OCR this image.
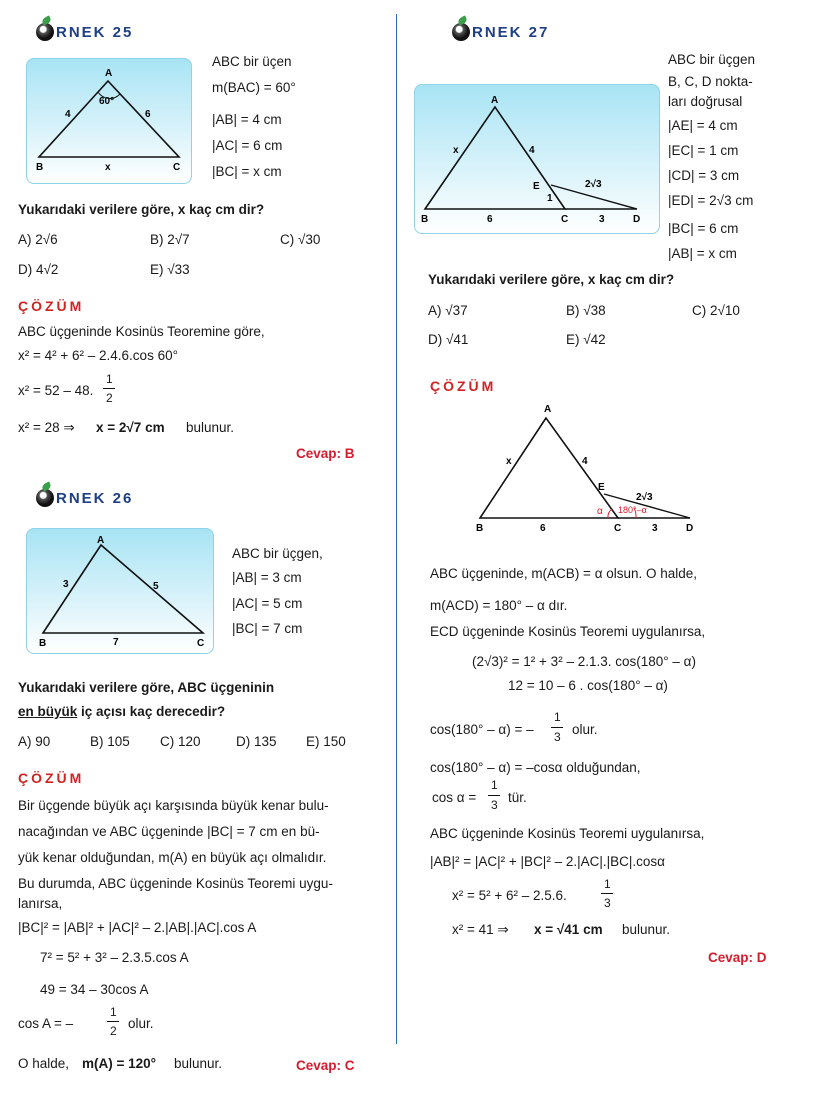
RNEK 25
A
60°
4	6
B	x	C
ABC bir üçen
m(BAC) = 60°
|AB| = 4 cm
|AC| = 6 cm
|BC| = x cm
Yukarıdaki verilere göre, x kaç cm dir?
A) 2√6	B) 2√7	C) √30
D) 4√2	E) √33
ÇÖZÜM
ABC üçgeninde Kosinüs Teoremine göre,
x² = 4² + 6² – 2.4.6.cos 60°
x² = 52 – 48.
1
2
x² = 28 ⇒ x = 2√7 cm bulunur.
Cevap: B
RNEK 26
A
3	5
B	7	C
ABC bir üçgen,
|AB| = 3 cm
|AC| = 5 cm
|BC| = 7 cm
Yukarıdaki verilere göre, ABC üçgeninin
en büyük iç açısı kaç derecedir?
A) 90	B) 105 C) 120	D) 135 E) 150
ÇÖZÜM
Bir üçgende büyük açı karşısında büyük kenar bulu-
nacağından ve ABC üçgeninde |BC| = 7 cm en bü-
yük kenar olduğundan, m(A) en büyük açı olmalıdır.
Bu durumda, ABC üçgeninde Kosinüs Teoremi uygu-
lanırsa,
|BC|² = |AB|² + |AC|² – 2.|AB|.|AC|.cos A
7² = 5² + 3² – 2.3.5.cos A
49 = 34 – 30cos A
cos A = –
1
2 olur.
O halde, m(A) = 120° bulunur.	Cevap: C
RNEK 27
A
x	4
E
1
2√3
B	6	C	3	D
ABC bir üçgen
B, C, D nokta-
ları doğrusal
|AE| = 4 cm
|EC| = 1 cm
|CD| = 3 cm
|ED| = 2√3 cm
|BC| = 6 cm
|AB| = x cm
Yukarıdaki verilere göre, x kaç cm dir?
A) √37	B) √38	C) 2√10
D) √41	E) √42
ÇÖZÜM
A
x	4
E
2√3
α 180°–α
B	6	C	3	D
ABC üçgeninde, m(ACB) = α olsun. O halde,
m(ACD) = 180° – α dır.
ECD üçgeninde Kosinüs Teoremi uygulanırsa,
(2√3)² = 1² + 3² – 2.1.3. cos(180° – α)
12 = 10 – 6 . cos(180° – α)
cos(180° – α) = –
1
3 olur.
cos(180° – α) = –cosα olduğundan,
cos α =
1
3 tür.
ABC üçgeninde Kosinüs Teoremi uygulanırsa,
|AB|² = |AC|² + |BC|² – 2.|AC|.|BC|.cosα
x² = 5² + 6² – 2.5.6.
1
3
x² = 41 ⇒ x = √41 cm bulunur.
Cevap: D
